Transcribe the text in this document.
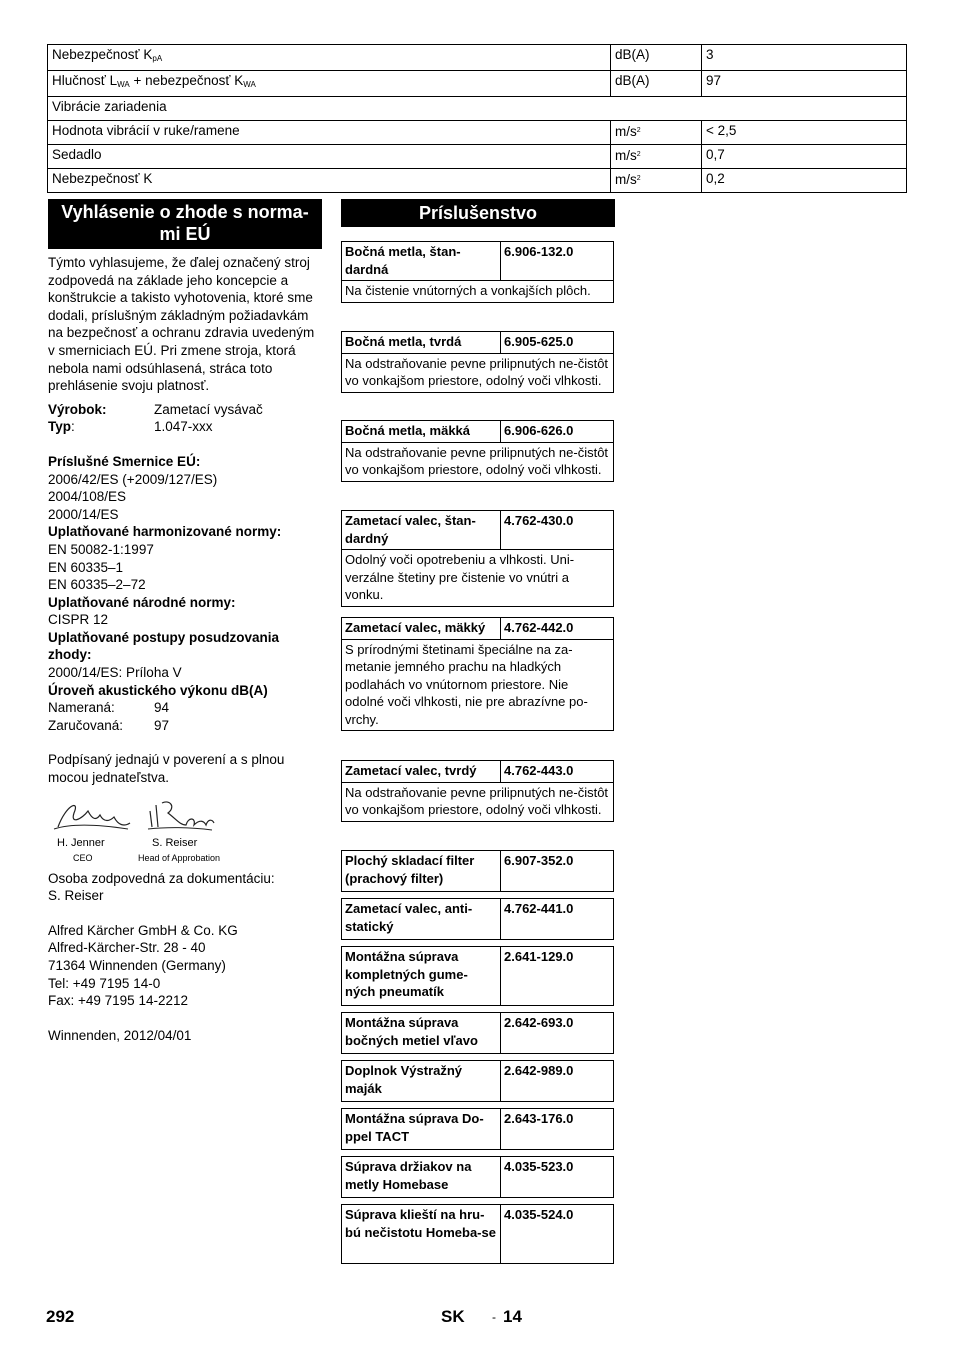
Nebezpečnosť $K_{pA}$	dB(A)	3
Hlučnosť $L_{WA}$ + nebezpečnosť $K_{WA}$	dB(A)	97
Vibrácie zariadenia		
Hodnota vibrácií v ruke/ramene	$m/s^2$	< 2,5
Sedadlo	$m/s^2$	0,7
Nebezpečnosť K	$m/s^2$	0,2
Vyhlásenie o zhode s norma-
mi EÚ

Týmto vyhlasujeme, že ďalej označený stroj zodpovedá na základe jeho koncepcie a konštrukcie a takisto vyhotovenia, ktoré sme dodali, príslušným základným požiadavkám na bezpečnosť a ochranu zdravia uvedeným v smerniciach EÚ. Pri zmene stroja, ktorá nebola nami odsúhlasená, stráca toto prehlásenie svoju platnosť.

Výrobok:	Zametací vysávač
Typ:	1.047-xxx
Príslušné Smernice EÚ:
2006/42/ES (+2009/127/ES)
2004/108/ES
2000/14/ES
Uplatňované harmonizované normy:
EN 50082-1:1997
EN 60335–1
EN 60335–2–72
Uplatňované národné normy:
CISPR 12
Uplatňované postupy posudzovania zhody:
2000/14/ES: Príloha V
Úroveň akustického výkonu dB(A)
Nameraná:	94
Zaručovaná:	97

Podpísaný jednajú v poverení a s plnou mocou jednateľstva.

H. Jenner
CEO
S. Reiser
Head of Approbation
Osoba zodpovedná za dokumentáciu:
S. Reiser
Alfred Kärcher GmbH & Co. KG
Alfred-Kärcher-Str. 28 - 40
71364 Winnenden (Germany)
Tel: +49 7195 14-0
Fax: +49 7195 14-2212
Winnenden, 2012/04/01
Príslušenstvo
Bočná metla, štan-dardná	6.906-132.0
Na čistenie vnútorných a vonkajších plôch.
Bočná metla, tvrdá	6.905-625.0
Na odstraňovanie pevne prilipnutých ne-čistôt vo vonkajšom priestore, odolný voči vlhkosti.
Bočná metla, mäkká	6.906-626.0
Na odstraňovanie pevne prilipnutých ne-čistôt vo vonkajšom priestore, odolný voči vlhkosti.
Zametací valec, štan-dardný	4.762-430.0
Odolný voči opotrebeniu a vlhkosti. Uni-verzálne štetiny pre čistenie vo vnútri a vonku.
Zametací valec, mäkký	4.762-442.0
S prírodnými štetinami špeciálne na za-metanie jemného prachu na hladkých podlahách vo vnútornom priestore. Nie odolné voči vlhkosti, nie pre abrazívne po-vrchy.
Zametací valec, tvrdý	4.762-443.0
Na odstraňovanie pevne prilipnutých ne-čistôt vo vonkajšom priestore, odolný voči vlhkosti.
Plochý skladací filter (prachový filter)	6.907-352.0
Zametací valec, anti-statický	4.762-441.0
Montážna súprava kompletných gume-ných pneumatík	2.641-129.0
Montážna súprava bočných metiel vľavo	2.642-693.0
Doplnok Výstražný maják	2.642-989.0
Montážna súprava Do-ppel TACT	2.643-176.0
Súprava držiakov na metly Homebase	4.035-523.0
Súprava klieští na hru-bú nečistotu Homeba-se	4.035-524.0
292	SK - 14
